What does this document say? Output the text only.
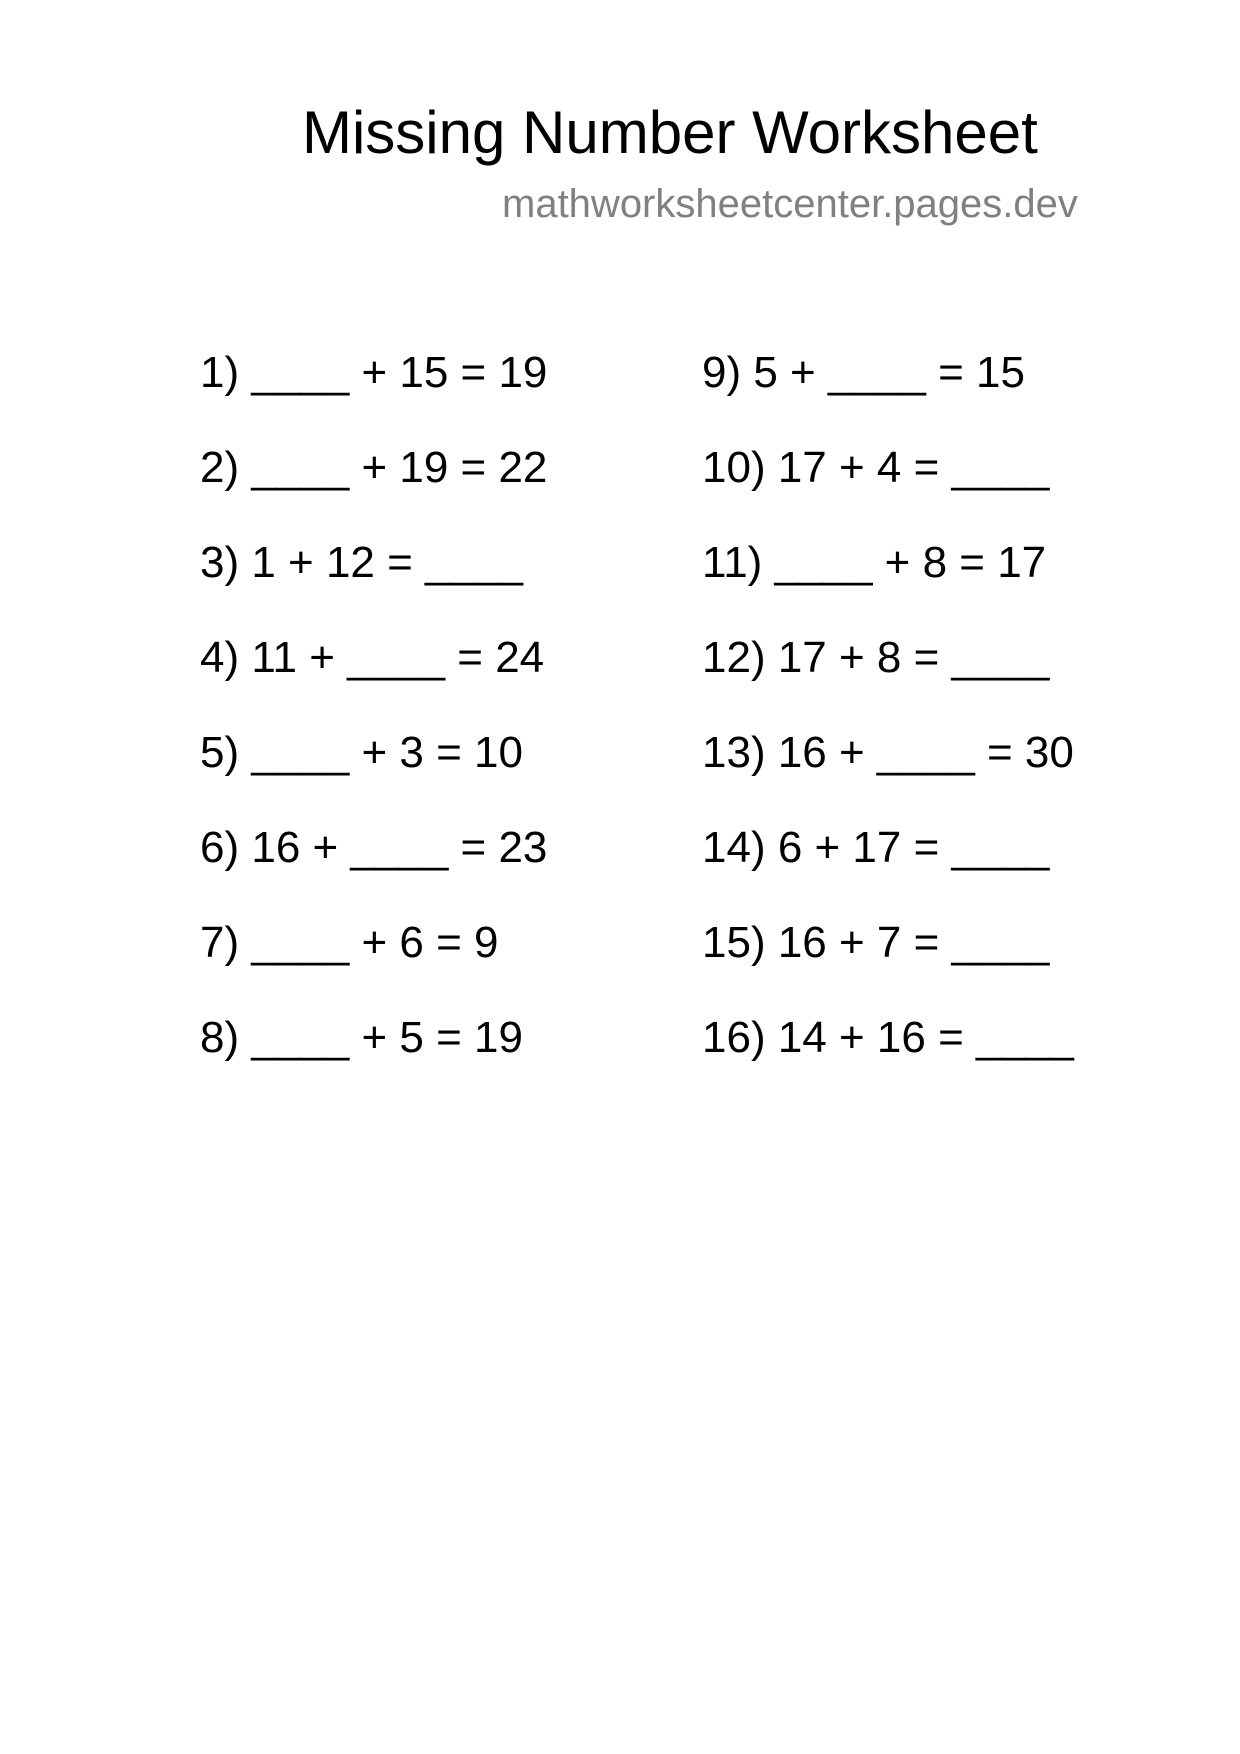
Missing Number Worksheet
mathworksheetcenter.pages.dev
1) ____ + 15 = 19
2) ____ + 19 = 22
3) 1 + 12 = ____
4) 11 + ____ = 24
5) ____ + 3 = 10
6) 16 + ____ = 23
7) ____ + 6 = 9
8) ____ + 5 = 19
9) 5 + ____ = 15
10) 17 + 4 = ____
11) ____ + 8 = 17
12) 17 + 8 = ____
13) 16 + ____ = 30
14) 6 + 17 = ____
15) 16 + 7 = ____
16) 14 + 16 = ____
